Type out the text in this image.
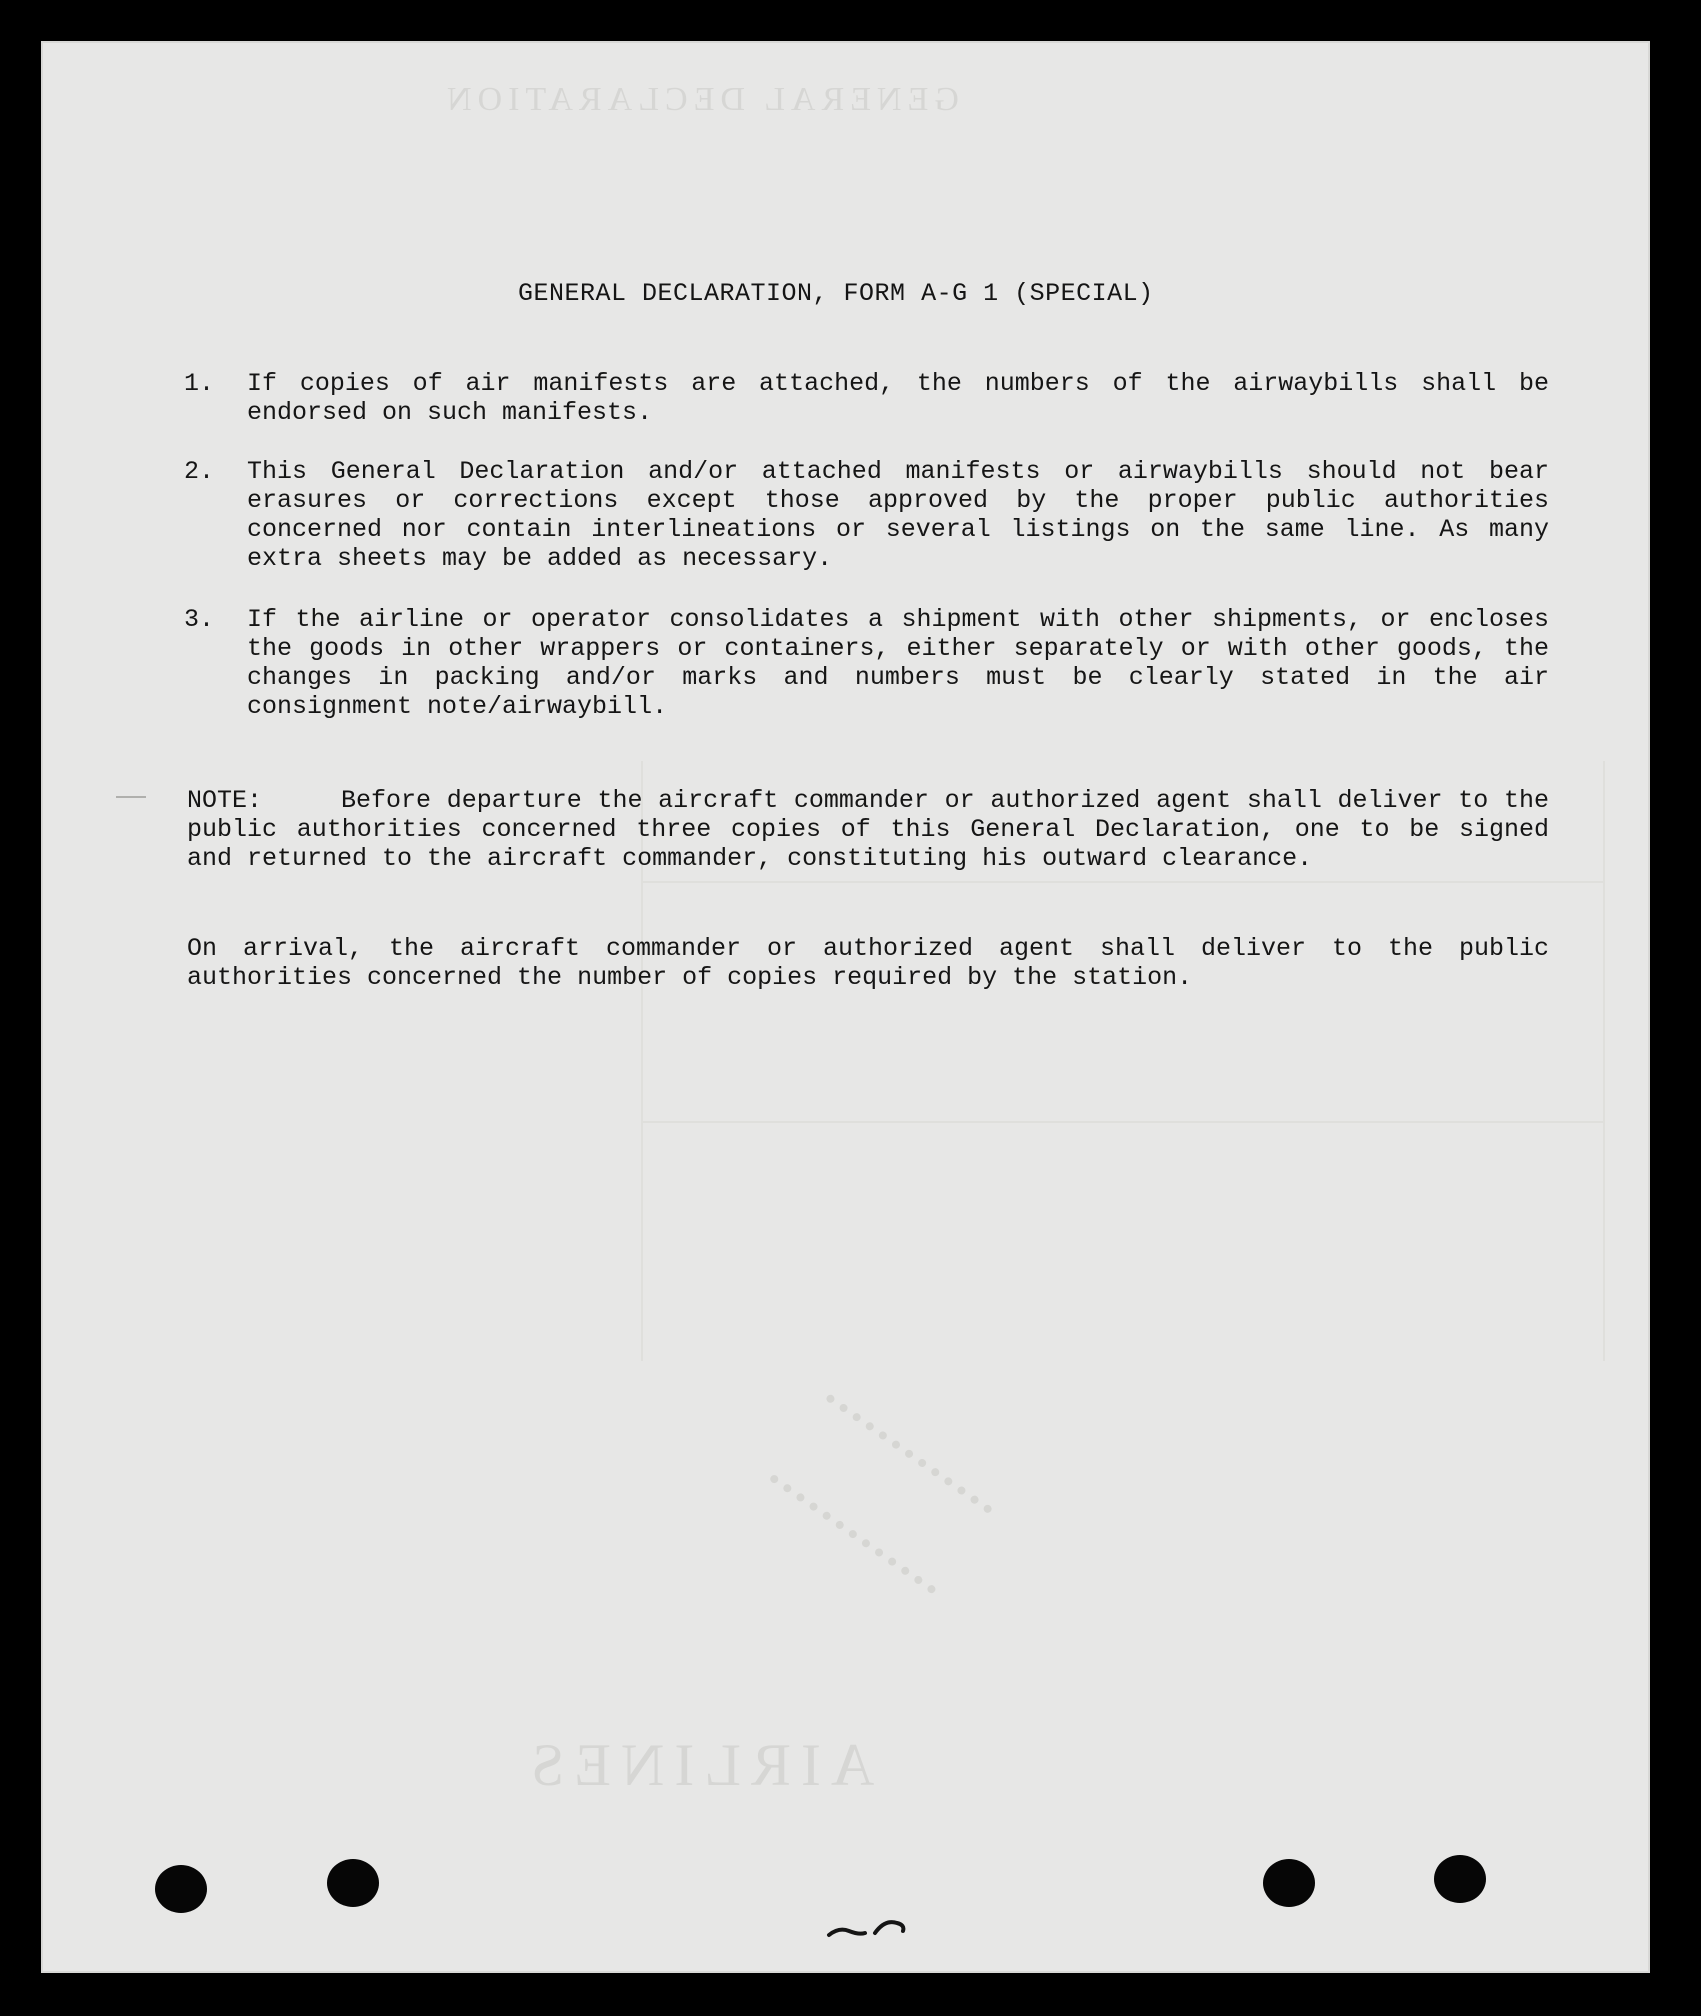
GENERAL DECLARATION
AIRLINES
GENERAL DECLARATION, FORM A-G 1 (SPECIAL)
1.	If copies of air manifests are attached, the numbers of the airwaybills shall be endorsed on such manifests.
2.	This General Declaration and/or attached manifests or airwaybills should not bear erasures or corrections except those approved by the proper public authorities concerned nor contain interlineations or several listings on the same line. As many extra sheets may be added as necessary.
3.	If the airline or operator consolidates a shipment with other shipments, or encloses the goods in other wrappers or containers, either separately or with other goods, the changes in packing and/or marks and numbers must be clearly stated in the air consignment note/airwaybill.
NOTE:	Before departure the aircraft commander or authorized agent shall deliver to the public authorities concerned three copies of this General Declaration, one to be signed and returned to the aircraft commander, constituting his outward clearance.
On arrival, the aircraft commander or authorized agent shall deliver to the public authorities concerned the number of copies required by the station.
